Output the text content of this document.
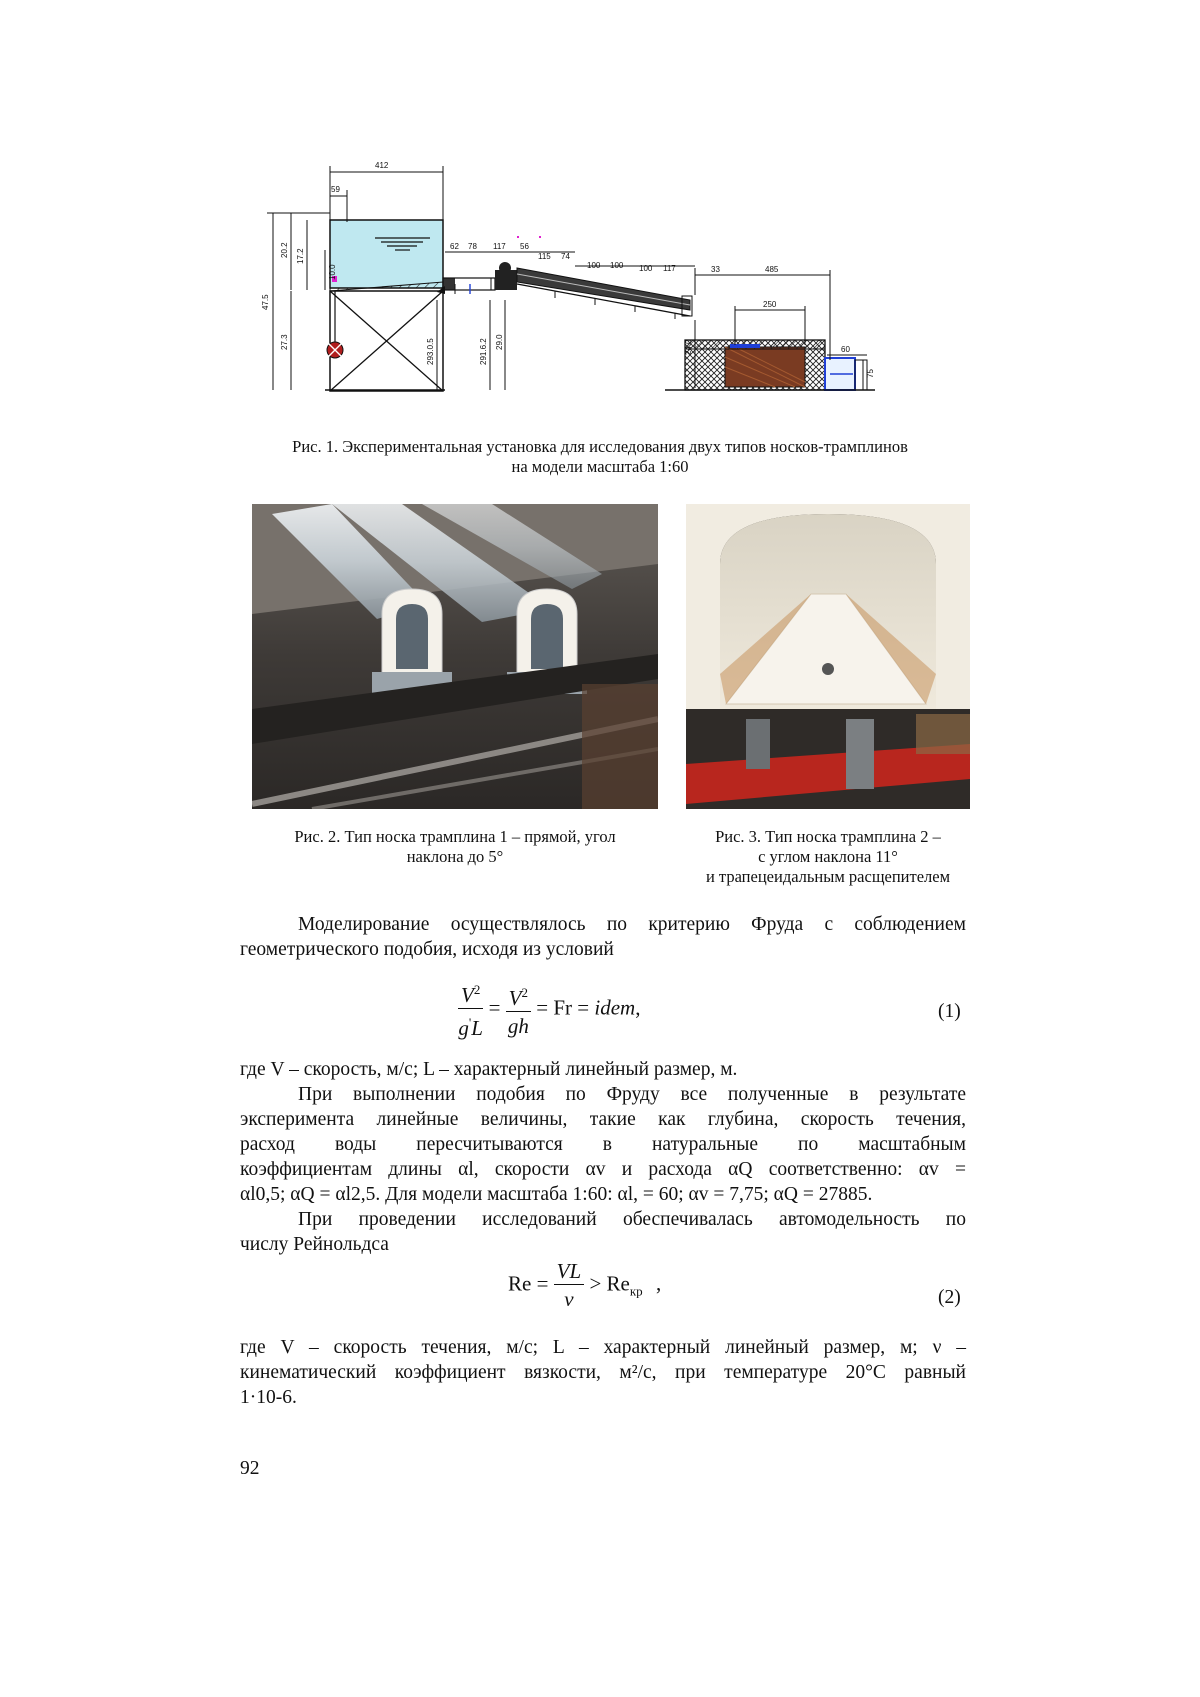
412
59
62 78 117 56
115 74
100 100 100 117	33	485
250
60
75
47.5
20.2 17.2
10.0
27.3	293.0.5	291.6.2 29.0	24.0
Рис. 1. Экспериментальная установка для исследования двух типов носков-трамплинов
на модели масштаба 1:60
Рис. 2. Тип носка трамплина 1 – прямой, угол
наклона до 5°
Рис. 3. Тип носка трамплина 2 –
с углом наклона 11°
и трапецеидальным расщепителем
Моделирование осуществлялось по критерию Фруда с соблюдением
геометрического подобия, исходя из условий
$\frac{V^2}{g'L} = \frac{V^2}{gh} = Fr$ = idem,	(1)
где V – скорость, м/с; L – характерный линейный размер, м.
При выполнении подобия по Фруду все полученные в результате
эксперимента линейные величины, такие как глубина, скорость течения,
расход воды пересчитываются в натуральные по масштабным
коэффициентам длины αl, скорости αv и расхода αQ соответственно: αv =
αl0,5; αQ = αl2,5. Для модели масштаба 1:60: αl, = 60; αv = 7,75; αQ = 27885.
При проведении исследований обеспечивалась автомодельность по
числу Рейнольдса
$Re = \frac{VL}{\nu} > Re_{кр}$ ,
(2)
где V – скорость течения, м/с; L – характерный линейный размер, м; ν –
кинематический коэффициент вязкости, м²/с, при температуре 20°С равный
1·10-6.
92
